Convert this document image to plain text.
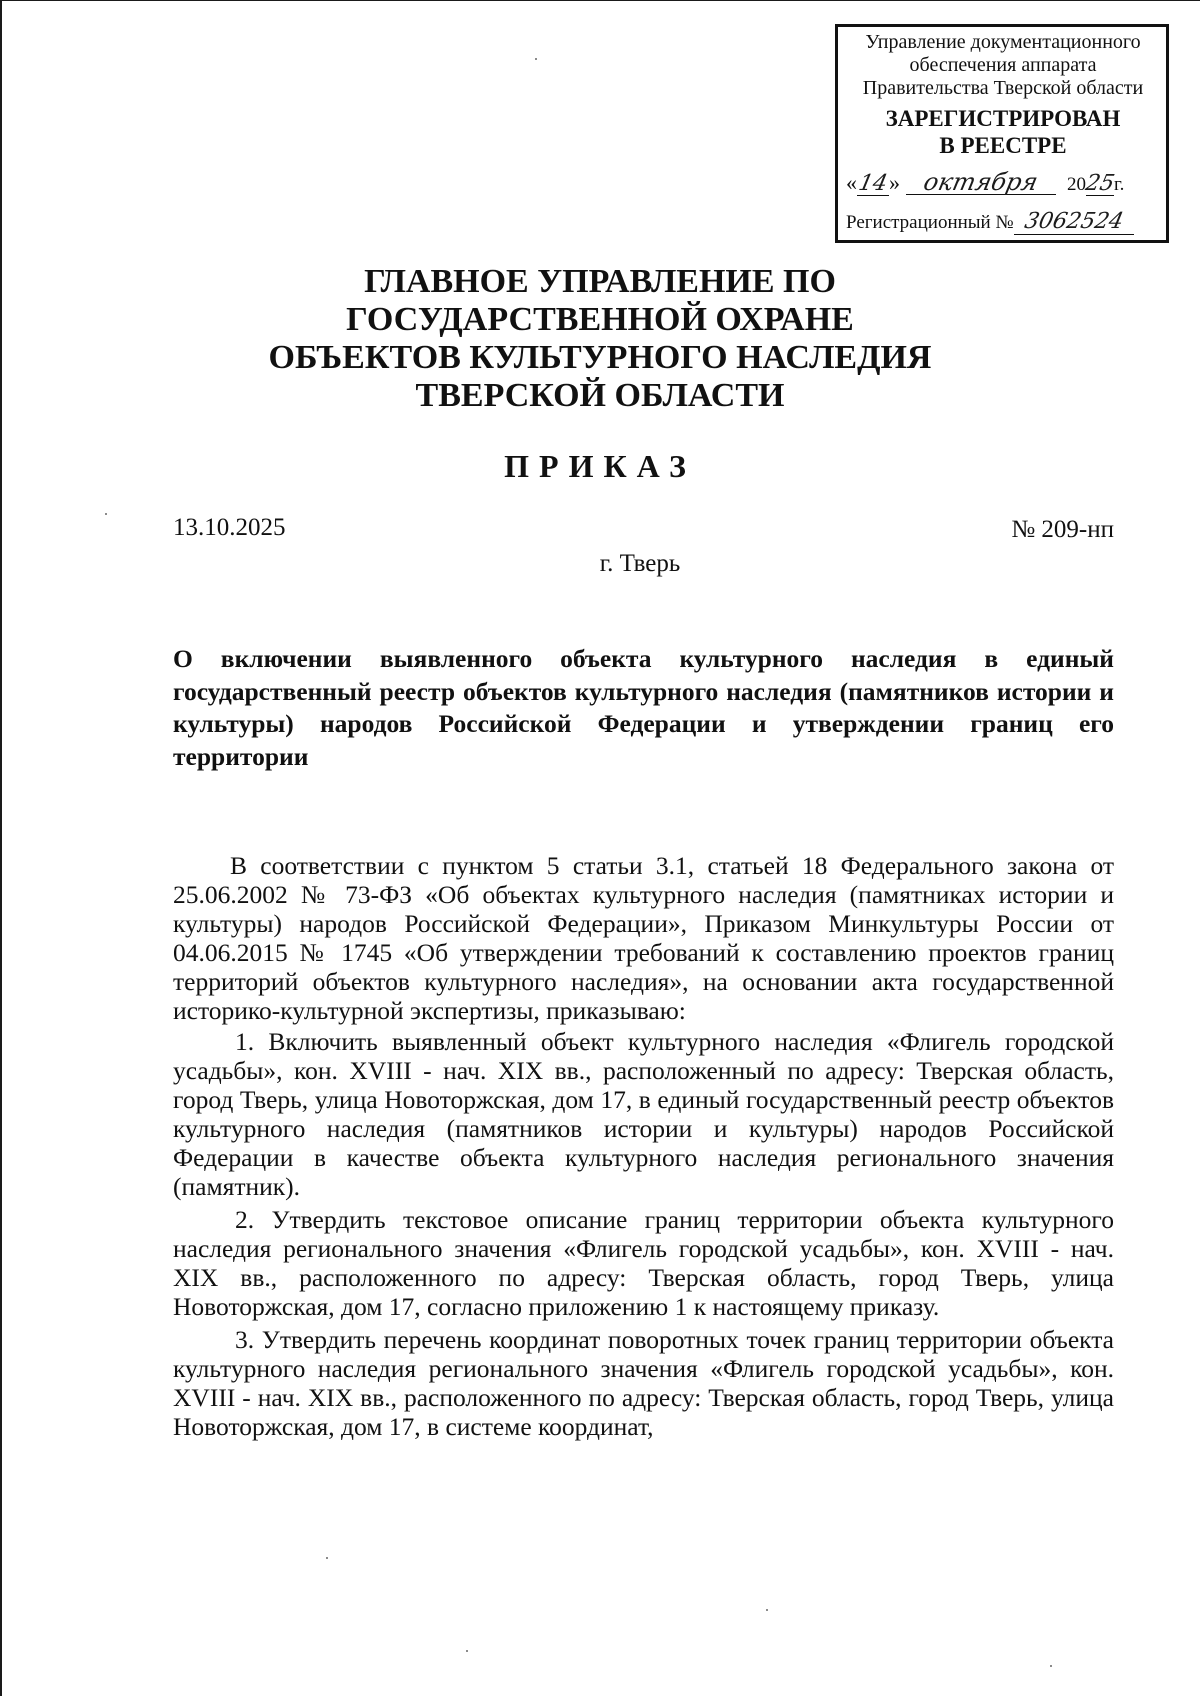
Управление документационного
обеспечения аппарата
Правительства Тверской области
ЗАРЕГИСТРИРОВАН
В РЕЕСТРЕ
«14» октября 2025г.
Регистрационный № 3062524
ГЛАВНОЕ УПРАВЛЕНИЕ ПО
ГОСУДАРСТВЕННОЙ ОХРАНЕ
ОБЪЕКТОВ КУЛЬТУРНОГО НАСЛЕДИЯ
ТВЕРСКОЙ ОБЛАСТИ
ПРИКАЗ
13.10.2025	№ 209-нп
г. Тверь
О включении выявленного объекта культурного наследия в единый государственный реестр объектов культурного наследия (памятников истории и культуры) народов Российской Федерации и утверждении границ его территории

В соответствии с пунктом 5 статьи 3.1, статьей 18 Федерального закона от 25.06.2002 № 73-ФЗ «Об объектах культурного наследия (памятниках истории и культуры) народов Российской Федерации», Приказом Минкультуры России от 04.06.2015 № 1745 «Об утверждении требований к составлению проектов границ территорий объектов культурного наследия», на основании акта государственной историко-культурной экспертизы, приказываю:

1. Включить выявленный объект культурного наследия «Флигель городской усадьбы», кон. XVIII - нач. XIX вв., расположенный по адресу: Тверская область, город Тверь, улица Новоторжская, дом 17, в единый государственный реестр объектов культурного наследия (памятников истории и культуры) народов Российской Федерации в качестве объекта культурного наследия регионального значения (памятник).

2. Утвердить текстовое описание границ территории объекта культурного наследия регионального значения «Флигель городской усадьбы», кон. XVIII - нач. XIX вв., расположенного по адресу: Тверская область, город Тверь, улица Новоторжская, дом 17, согласно приложению 1 к настоящему приказу.

3. Утвердить перечень координат поворотных точек границ территории объекта культурного наследия регионального значения «Флигель городской усадьбы», кон. XVIII - нач. XIX вв., расположенного по адресу: Тверская область, город Тверь, улица Новоторжская, дом 17, в системе координат,
